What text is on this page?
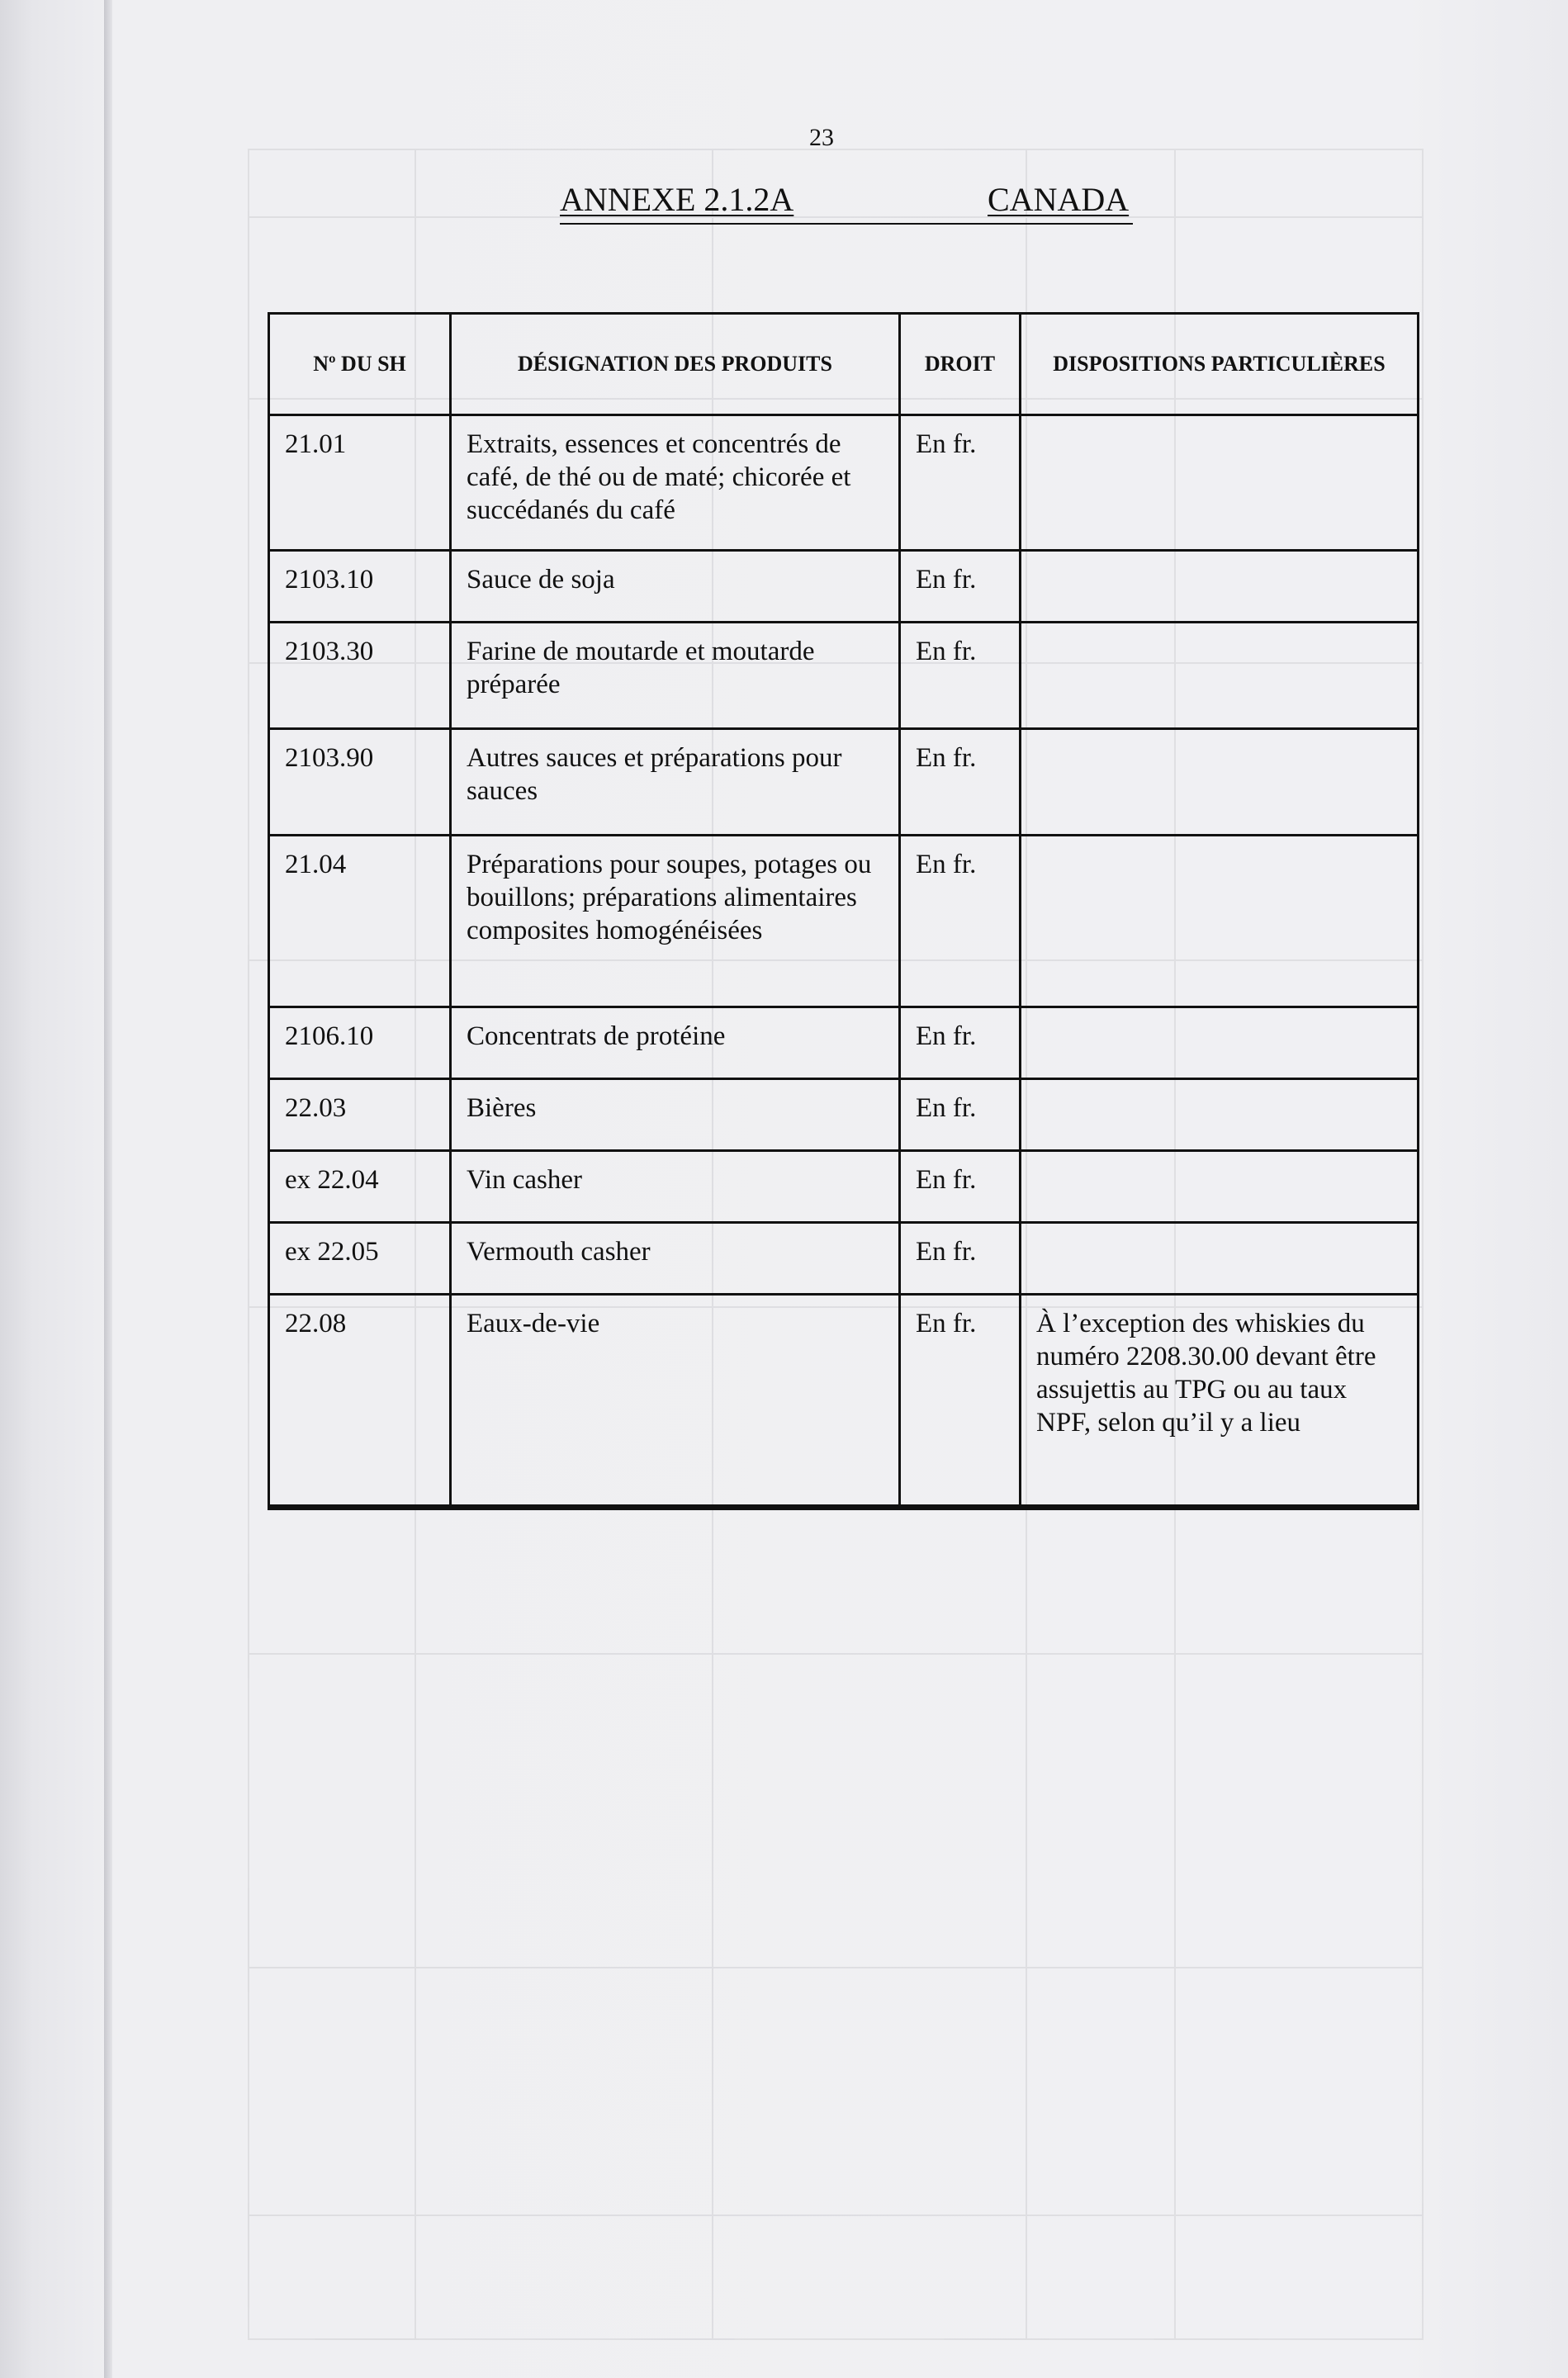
23
ANNEXE 2.1.2A	CANADA
Nº DU SH	DÉSIGNATION DES PRODUITS	DROIT	DISPOSITIONS PARTICULIÈRES
21.01	Extraits, essences et concentrés de café, de thé ou de maté; chicorée et succédanés du café	En fr.	
2103.10	Sauce de soja	En fr.	
2103.30	Farine de moutarde et moutarde préparée	En fr.	
2103.90	Autres sauces et préparations pour sauces	En fr.	
21.04	Préparations pour soupes, potages ou bouillons; préparations alimentaires composites homogénéisées	En fr.	
2106.10	Concentrats de protéine	En fr.	
22.03	Bières	En fr.	
ex 22.04	Vin casher	En fr.	
ex 22.05	Vermouth casher	En fr.	
22.08	Eaux-de-vie	En fr.	À l’exception des whiskies du numéro 2208.30.00 devant être assujettis au TPG ou au taux NPF, selon qu’il y a lieu
